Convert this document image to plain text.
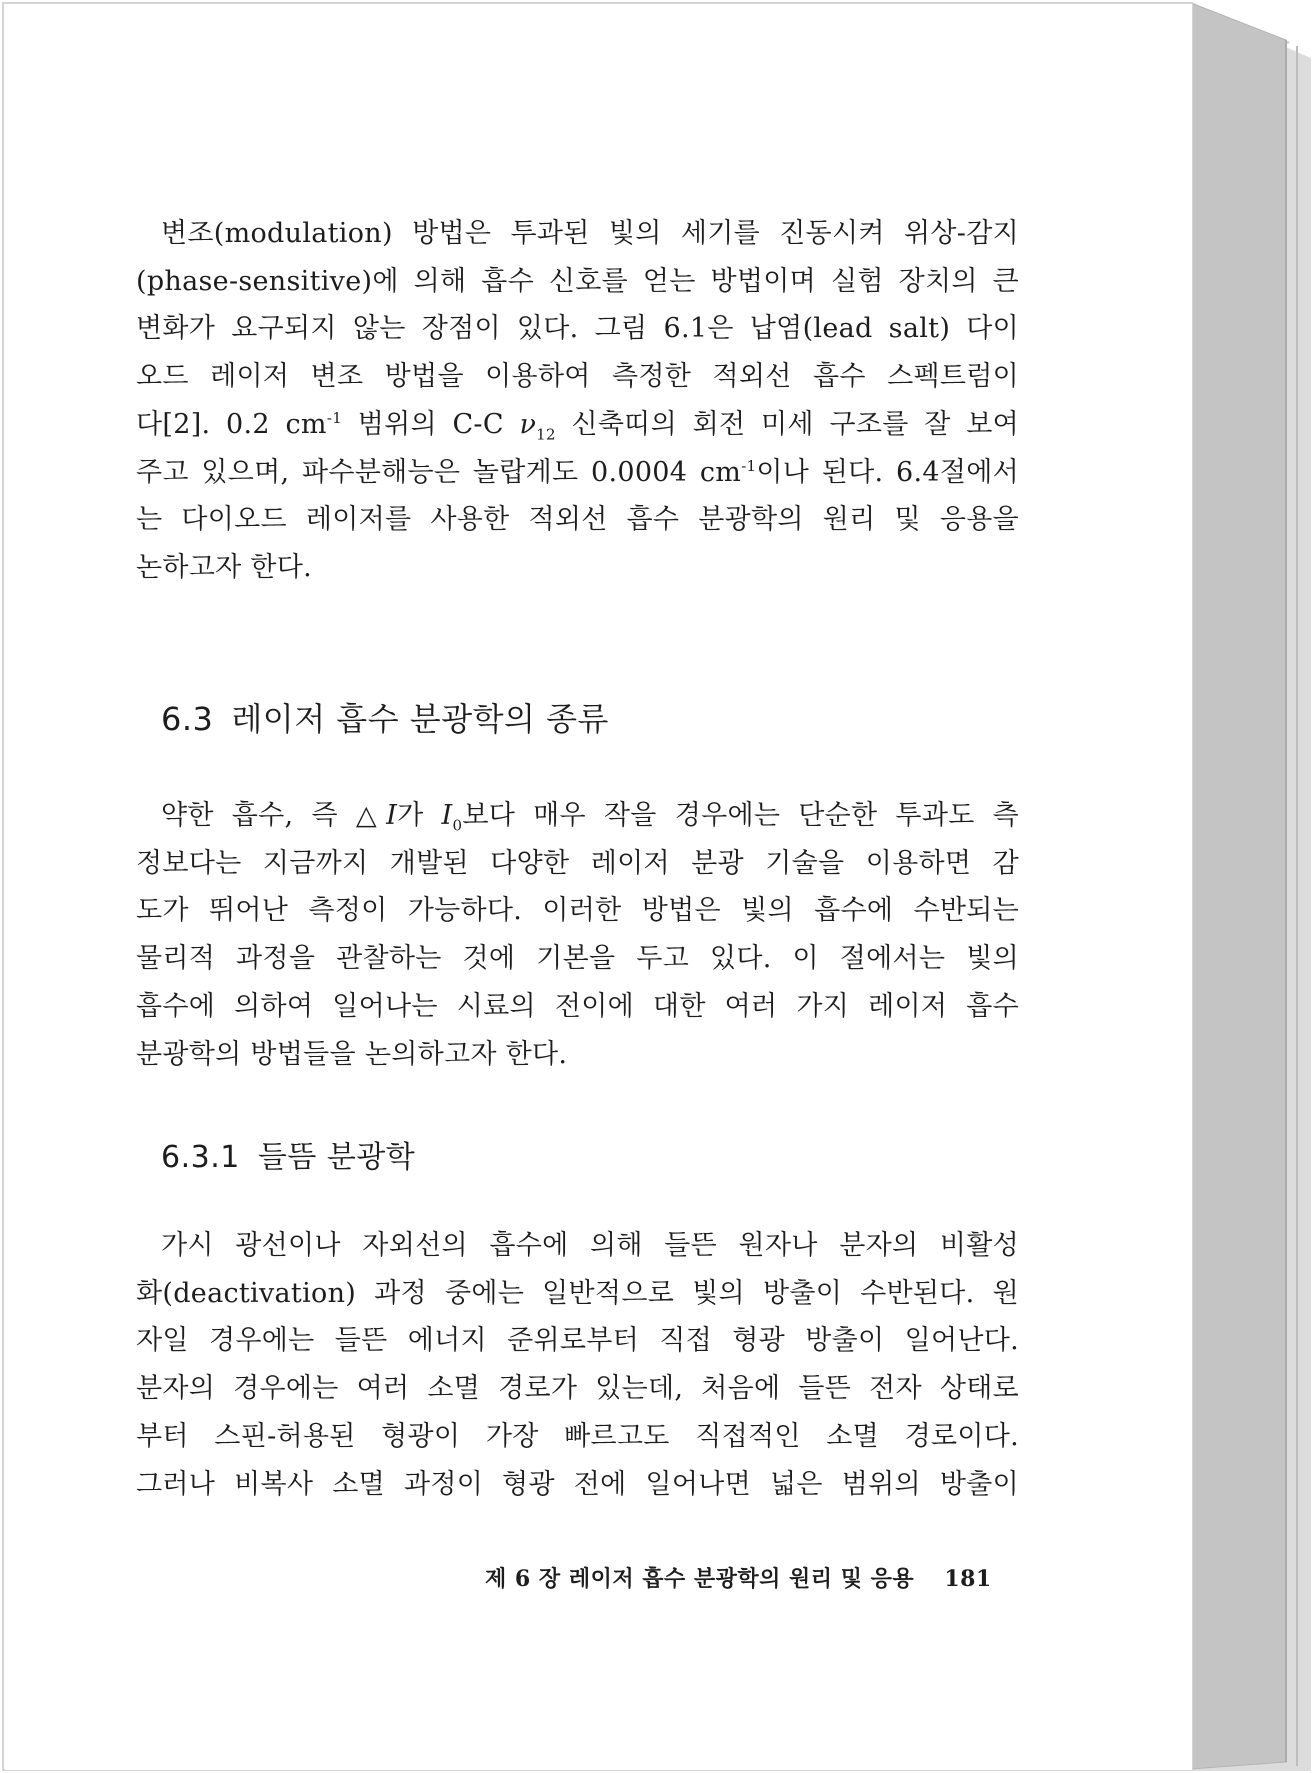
변조(modulation) 방법은 투과된 빛의 세기를 진동시켜 위상-감지
(phase-sensitive)에 의해 흡수 신호를 얻는 방법이며 실험 장치의 큰
변화가 요구되지 않는 장점이 있다. 그림 6.1은 납염(lead salt) 다이
오드 레이저 변조 방법을 이용하여 측정한 적외선 흡수 스펙트럼이
다[2]. 0.2 $cm^{-1}$ 범위의 C-C $\nu_{12}$ 신축띠의 회전 미세 구조를 잘 보여
주고 있으며, 파수분해능은 놀랍게도 0.0004 $cm^{-1}$이나 된다. 6.4절에서
는 다이오드 레이저를 사용한 적외선 흡수 분광학의 원리 및 응용을
논하고자 한다.
6.3 레이저 흡수 분광학의 종류
약한 흡수, 즉 △I가 $I_0$보다 매우 작을 경우에는 단순한 투과도 측
정보다는 지금까지 개발된 다양한 레이저 분광 기술을 이용하면 감
도가 뛰어난 측정이 가능하다. 이러한 방법은 빛의 흡수에 수반되는
물리적 과정을 관찰하는 것에 기본을 두고 있다. 이 절에서는 빛의
흡수에 의하여 일어나는 시료의 전이에 대한 여러 가지 레이저 흡수
분광학의 방법들을 논의하고자 한다.
6.3.1 들뜸 분광학
가시 광선이나 자외선의 흡수에 의해 들뜬 원자나 분자의 비활성
화(deactivation) 과정 중에는 일반적으로 빛의 방출이 수반된다. 원
자일 경우에는 들뜬 에너지 준위로부터 직접 형광 방출이 일어난다.
분자의 경우에는 여러 소멸 경로가 있는데, 처음에 들뜬 전자 상태로
부터 스핀-허용된 형광이 가장 빠르고도 직접적인 소멸 경로이다.
그러나 비복사 소멸 과정이 형광 전에 일어나면 넓은 범위의 방출이
제 6 장 레이저 흡수 분광학의 원리 및 응용 181
